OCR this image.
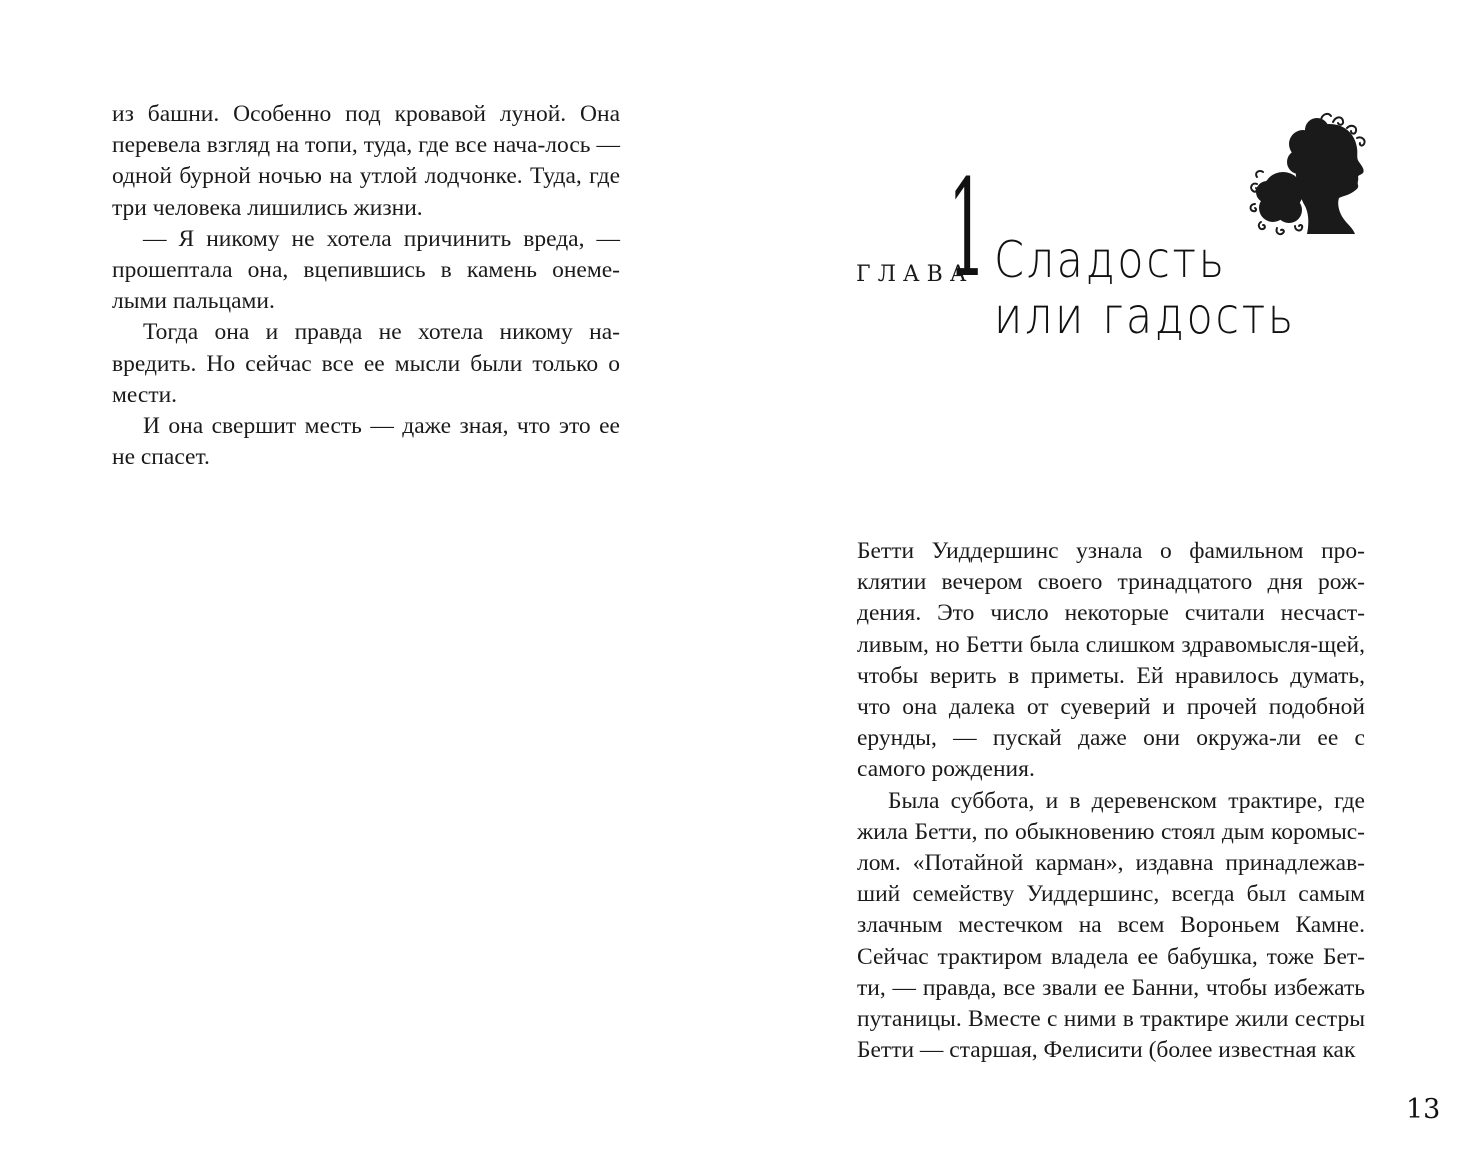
из башни. Особенно под кровавой луной. Она перевела взгляд на топи, туда, где все нача-лось — одной бурной ночью на утлой лодчонке. Туда, где три человека лишились жизни.

— Я никому не хотела причинить вреда, — прошептала она, вцепившись в камень онеме-лыми пальцами.

Тогда она и правда не хотела никому на-вредить. Но сейчас все ее мысли были только о мести.

И она свершит месть — даже зная, что это ее не спасет.

ГЛАВА
1 Сладость
или гадость

Бетти Уиддершинс узнала о фамильном про-клятии вечером своего тринадцатого дня рож-дения. Это число некоторые считали несчаст-ливым, но Бетти была слишком здравомысля-щей, чтобы верить в приметы. Ей нравилось думать, что она далека от суеверий и прочей подобной ерунды, — пускай даже они окружа-ли ее с самого рождения.

Была суббота, и в деревенском трактире, где жила Бетти, по обыкновению стоял дым коромыс-лом. «Потайной карман», издавна принадлежав-ший семейству Уиддершинс, всегда был самым злачным местечком на всем Вороньем Камне. Сейчас трактиром владела ее бабушка, тоже Бет-ти, — правда, все звали ее Банни, чтобы избежать путаницы. Вместе с ними в трактире жили сестры Бетти — старшая, Фелисити (более известная как

13
